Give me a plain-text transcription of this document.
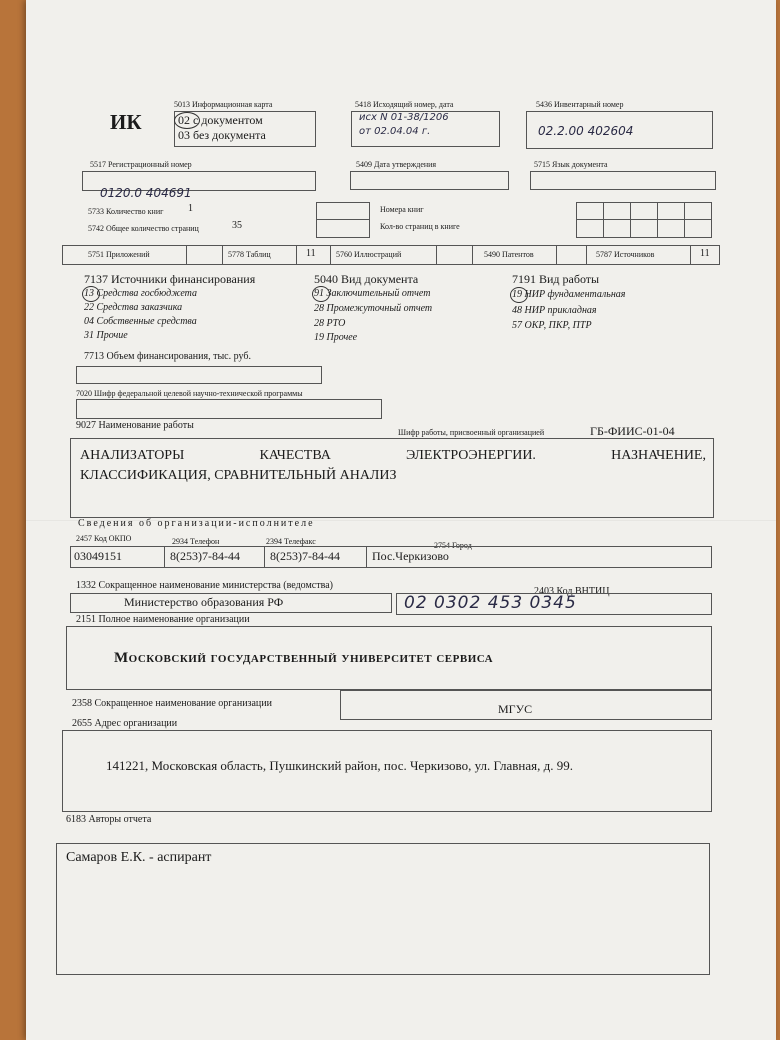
ИК
5013 Информационная карта
02 с документом
03 без документа
5418 Исходящий номер, дата
исх N 01-38/1206
от 02.04.04 г.
5436 Инвентарный номер
02.2.00 402604
5517 Регистрационный номер
0120.0 404691
5409 Дата утверждения	5715 Язык документа
5733 Количество книг 1
5742 Общее количество страниц	35
Номера книг
Кол-во страниц в книге
5751 Приложений	5778 Таблиц	11	5760 Иллюстраций	5490 Патентов	5787 Источников	11
7137 Источники финансирования
13 Средства госбюджета
22 Средства заказчика
04 Собственные средства
31 Прочие
5040 Вид документа
91 Заключительный отчет
28 Промежуточный отчет
28 РТО
19 Прочее
7191 Вид работы
19 НИР фундаментальная
48 НИР прикладная
57 ОКР, ПКР, ПТР
7713 Объем финансирования, тыс. руб.
7020 Шифр федеральной целевой научно-технической программы
9027 Наименование работы
Шифр работы, присвоенный организацией	ГБ-ФИИС-01-04
АНАЛИЗАТОРЫ КАЧЕСТВА ЭЛЕКТРОЭНЕРГИИ. НАЗНАЧЕНИЕ,
КЛАССИФИКАЦИЯ, СРАВНИТЕЛЬНЫЙ АНАЛИЗ
Сведения об организации-исполнителе
2457 Код ОКПО	2934 Телефон	2394 Телефакс	2754 Город
03049151	8(253)7-84-44	8(253)7-84-44	Пос.Черкизово
1332 Сокращенное наименование министерства (ведомства)
2403 Код ВНТИЦ
Министерство образования РФ	02 0302 453 0345
2151 Полное наименование организации
Московский государственный университет сервиса
2358 Сокращенное наименование организации	МГУС
2655 Адрес организации
141221, Московская область, Пушкинский район, пос. Черкизово, ул. Главная, д. 99.
6183 Авторы отчета
Самаров Е.К. - аспирант
